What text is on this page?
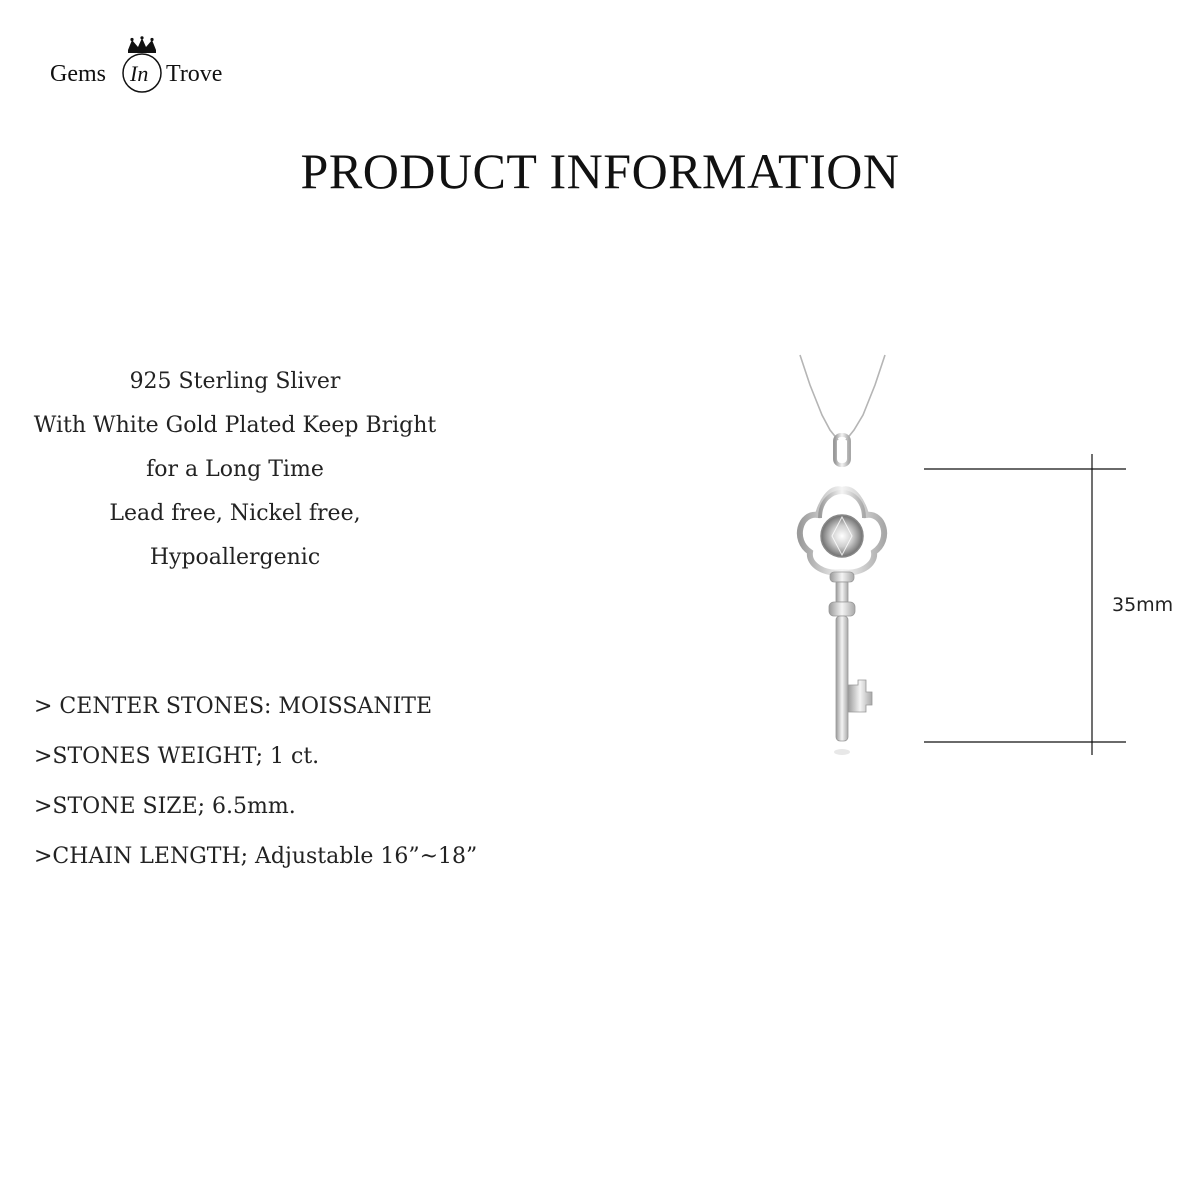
Gems In Trove
PRODUCT INFORMATION
925 Sterling Sliver
With White Gold Plated Keep Bright
for a Long Time
Lead free, Nickel free,
Hypoallergenic
> CENTER STONES: MOISSANITE
>STONES WEIGHT; 1 ct.
>STONE SIZE; 6.5mm.
>CHAIN LENGTH; Adjustable 16”~18”
35mm
